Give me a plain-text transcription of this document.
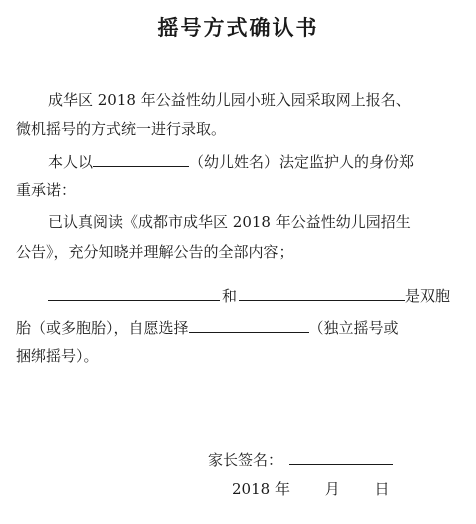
摇号方式确认书
成华区 2018 年公益性幼儿园小班入园采取网上报名、
微机摇号的方式统一进行录取。
本人以	（幼儿姓名）法定监护人的身份郑
重承诺：
已认真阅读《成都市成华区 2018 年公益性幼儿园招生
公告》，充分知晓并理解公告的全部内容；
和	是双胞
胎（或多胞胎），自愿选择	（独立摇号或
捆绑摇号）。
家长签名：
2018 年 月 日
